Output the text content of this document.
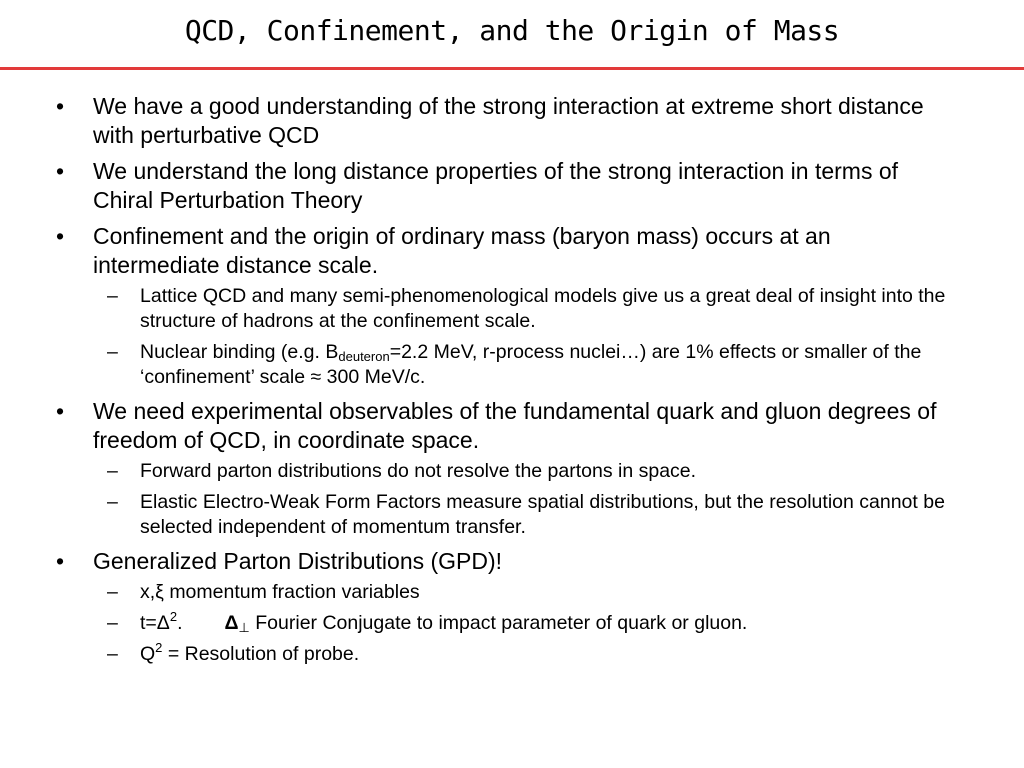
QCD, Confinement, and the Origin of Mass
• We have a good understanding of the strong interaction at extreme short distance with perturbative QCD
• We understand the long distance properties of the strong interaction in terms of Chiral Perturbation Theory
• Confinement and the origin of ordinary mass (baryon mass) occurs at an intermediate distance scale.
– Lattice QCD and many semi-phenomenological models give us a great deal of insight into the structure of hadrons at the confinement scale.
– Nuclear binding (e.g. $B_{deuteron}=2.2$ MeV, r-process nuclei…) are 1% effects or smaller of the ‘confinement’ scale ≈ 300 MeV/c.
• We need experimental observables of the fundamental quark and gluon degrees of freedom of QCD, in coordinate space.
– Forward parton distributions do not resolve the partons in space.
– Elastic Electro-Weak Form Factors measure spatial distributions, but the resolution cannot be selected independent of momentum transfer.
• Generalized Parton Distributions (GPD)!
– x,ξ momentum fraction variables
– $t=\Delta^2$. $\Delta_\perp$ Fourier Conjugate to impact parameter of quark or gluon.
– $Q^2$ = Resolution of probe.
